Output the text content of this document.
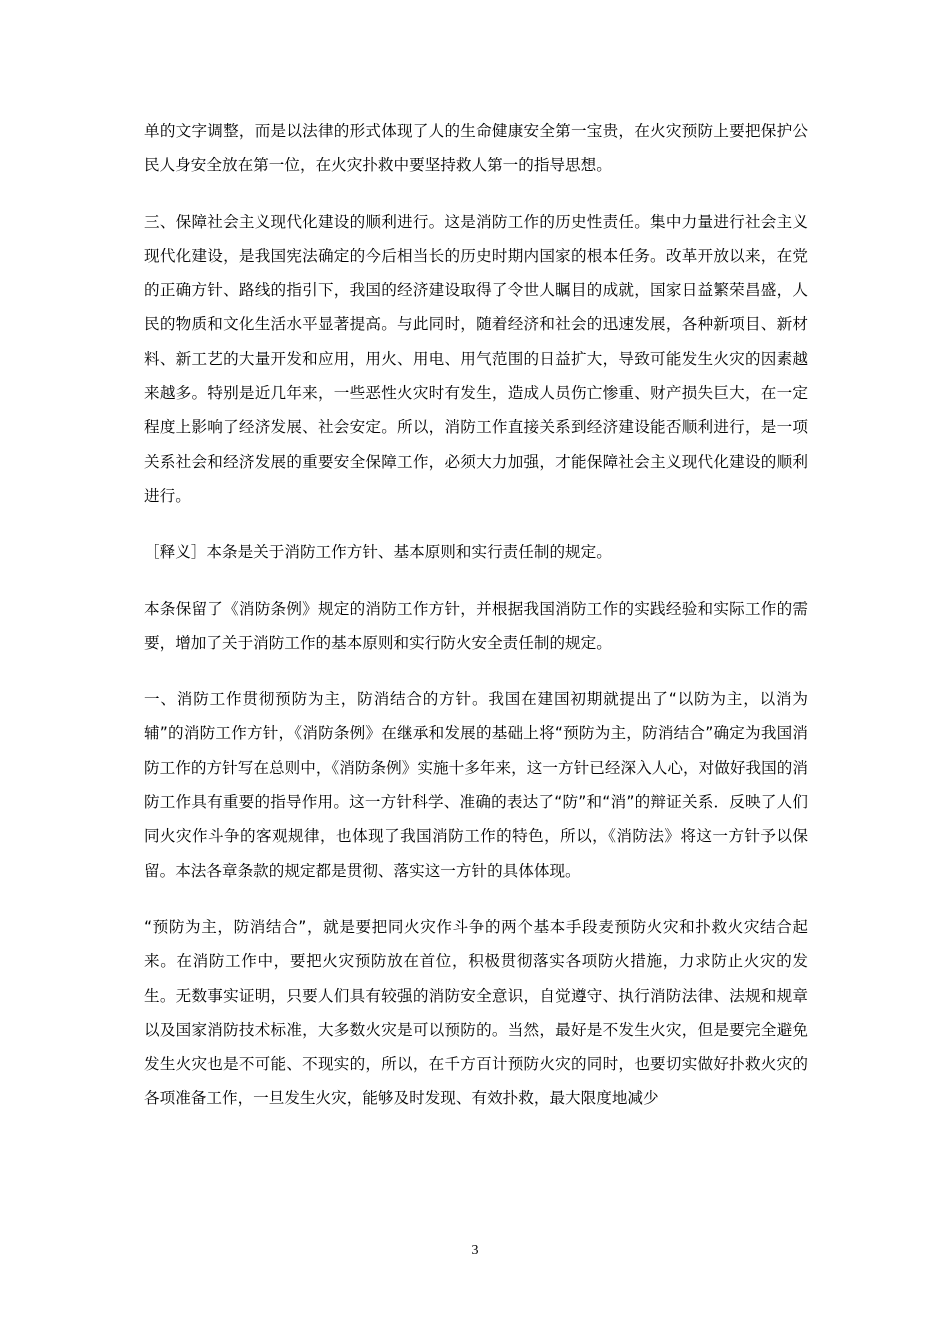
单的文字调整，而是以法律的形式体现了人的生命健康安全第一宝贵，在火灾预防上要把保护公民人身安全放在第一位，在火灾扑救中要坚持救人第一的指导思想。

三、保障社会主义现代化建设的顺利进行。这是消防工作的历史性责任。集中力量进行社会主义现代化建设，是我国宪法确定的今后相当长的历史时期内国家的根本任务。改革开放以来，在党的正确方针、路线的指引下，我国的经济建设取得了令世人瞩目的成就，国家日益繁荣昌盛，人民的物质和文化生活水平显著提高。与此同时，随着经济和社会的迅速发展，各种新项目、新材料、新工艺的大量开发和应用，用火、用电、用气范围的日益扩大，导致可能发生火灾的因素越来越多。特别是近几年来，一些恶性火灾时有发生，造成人员伤亡惨重、财产损失巨大，在一定程度上影响了经济发展、社会安定。所以，消防工作直接关系到经济建设能否顺利进行，是一项关系社会和经济发展的重要安全保障工作，必须大力加强，才能保障社会主义现代化建设的顺利进行。

［释义］本条是关于消防工作方针、基本原则和实行责任制的规定。

本条保留了《消防条例》规定的消防工作方针，并根据我国消防工作的实践经验和实际工作的需要，增加了关于消防工作的基本原则和实行防火安全责任制的规定。

一、消防工作贯彻预防为主，防消结合的方针。我国在建国初期就提出了“以防为主，以消为辅”的消防工作方针，《消防条例》在继承和发展的基础上将“预防为主，防消结合”确定为我国消防工作的方针写在总则中，《消防条例》实施十多年来，这一方针已经深入人心，对做好我国的消防工作具有重要的指导作用。这一方针科学、准确的表达了“防”和“消”的辩证关系．反映了人们同火灾作斗争的客观规律，也体现了我国消防工作的特色，所以，《消防法》将这一方针予以保留。本法各章条款的规定都是贯彻、落实这一方针的具体体现。

“预防为主，防消结合”，就是要把同火灾作斗争的两个基本手段麦预防火灾和扑救火灾结合起来。在消防工作中，要把火灾预防放在首位，积极贯彻落实各项防火措施，力求防止火灾的发生。无数事实证明，只要人们具有较强的消防安全意识，自觉遵守、执行消防法律、法规和规章以及国家消防技术标准，大多数火灾是可以预防的。当然，最好是不发生火灾，但是要完全避免发生火灾也是不可能、不现实的，所以，在千方百计预防火灾的同时，也要切实做好扑救火灾的各项准备工作，一旦发生火灾，能够及时发现、有效扑救，最大限度地减少

3
